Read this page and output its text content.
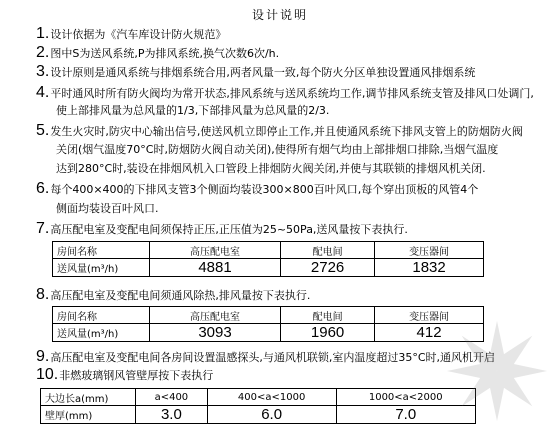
设计说明
1.设计依据为《汽车库设计防火规范》
2.图中S为送风系统,P为排风系统,换气次数6次/h.
3.设计原则是通风系统与排烟系统合用,两者风量一致,每个防火分区单独设置通风排烟系统
4.平时通风时所有防火阀均为常开状态,排风系统与送风系统均工作,调节排风系统支管及排风口处调门,
使上部排风量为总风量的1/3,下部排风量为总风量的2/3.
5.发生火灾时,防灾中心输出信号,使送风机立即停止工作,并且使通风系统下排风支管上的防烟防火阀
关闭(烟气温度70°C时,防烟防火阀自动关闭),使得所有烟气均由上部排烟口排除,当烟气温度
达到280°C时,装设在排烟风机入口管段上排烟防火阀关闭,并使与其联锁的排烟风机关闭.
6.每个400×400的下排风支管3个侧面均装设300×800百叶风口,每个穿出顶板的风管4个
侧面均装设百叶风口.
7.高压配电室及变配电间须保持正压,正压值为25~50Pa,送风量按下表执行.
房间名称	高压配电室	配电间	变压器间
送风量(m³/h)	4881	2726	1832
8.高压配电室及变配电间须通风除热,排风量按下表执行.
房间名称	高压配电室	配电间	变压器间
送风量(m³/h)	3093	1960	412
9.高压配电室及变配电间各房间设置温感探头,与通风机联锁,室内温度超过35°C时,通风机开启
10.非燃玻璃钢风管壁厚按下表执行
大边长a(mm)	a<400	400<a<1000	1000<a<2000
壁厚(mm)	3.0	6.0	7.0
